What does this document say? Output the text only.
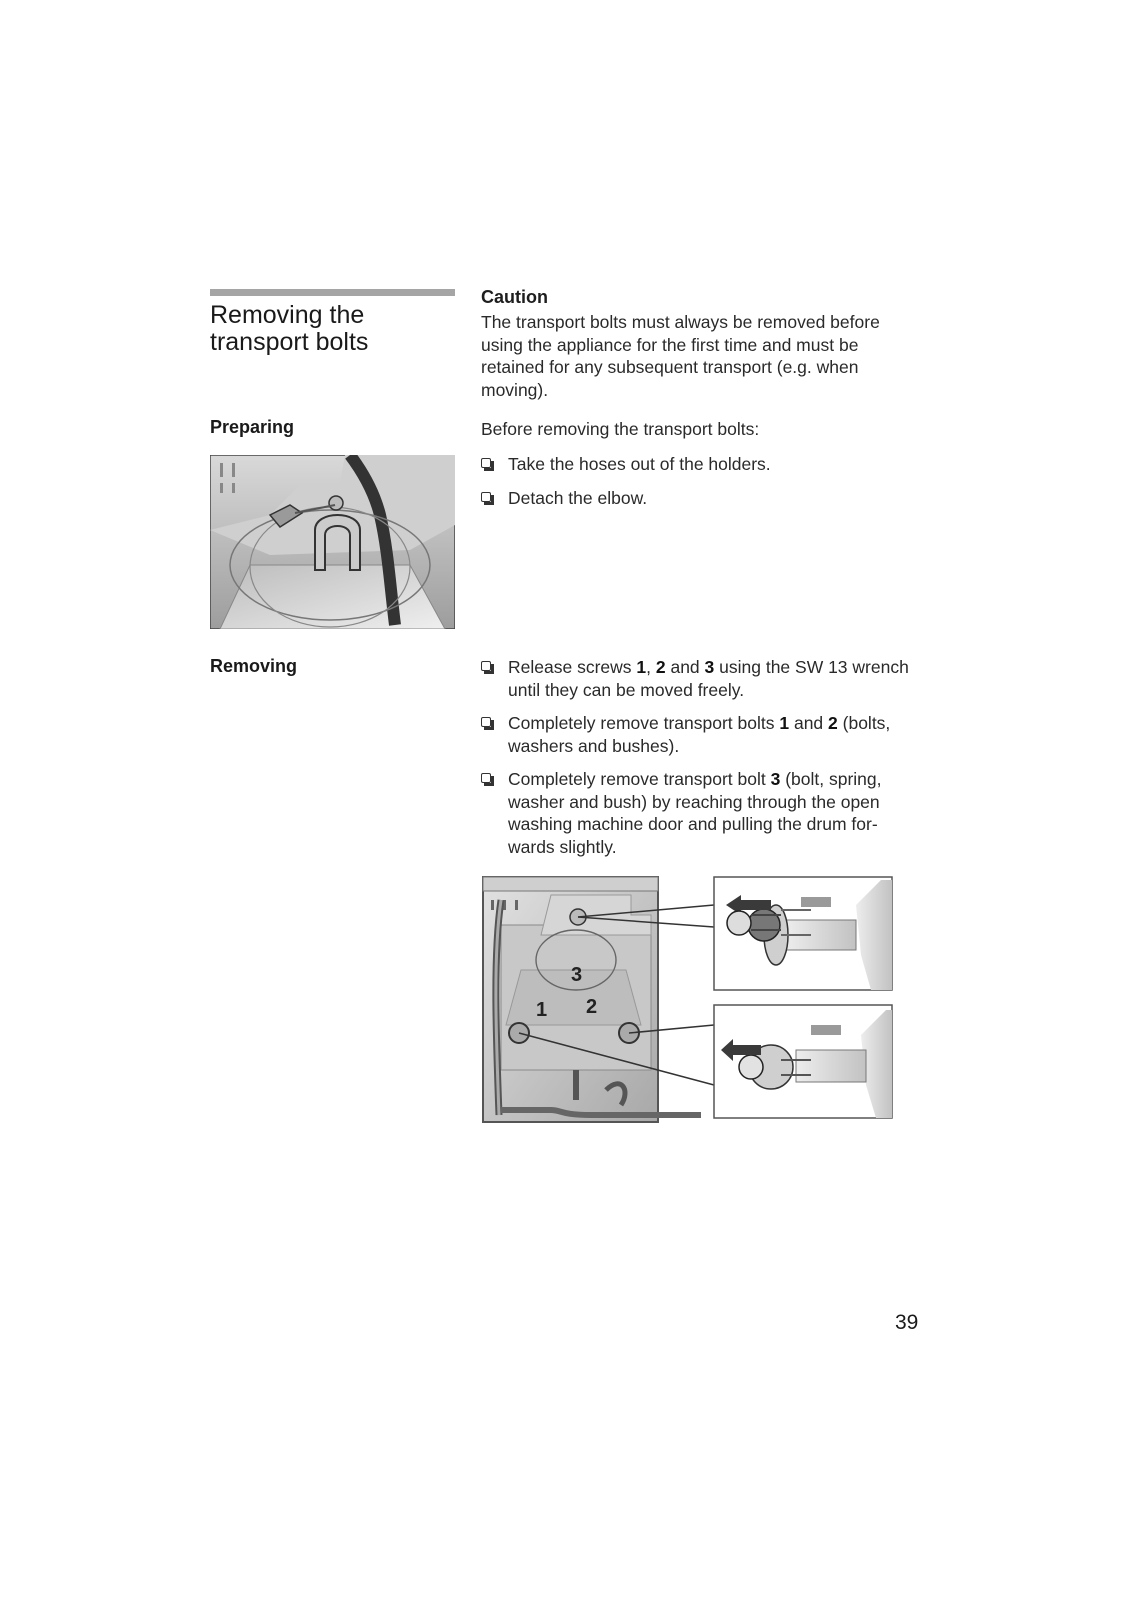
Removing the
transport bolts
Caution
The transport bolts must always be removed before using the appliance for the first time and must be retained for any subsequent transport (e.g. when moving).
Preparing	Before removing the transport bolts:
Take the hoses out of the holders.
Detach the elbow.
Removing	Release screws 1, 2 and 3 using the SW 13 wrench until they can be moved freely.
Completely remove transport bolts 1 and 2 (bolts, washers and bushes).
Completely remove transport bolt 3 (bolt, spring, washer and bush) by reaching through the open washing machine door and pulling the drum for-wards slightly.
3
1 2
39
